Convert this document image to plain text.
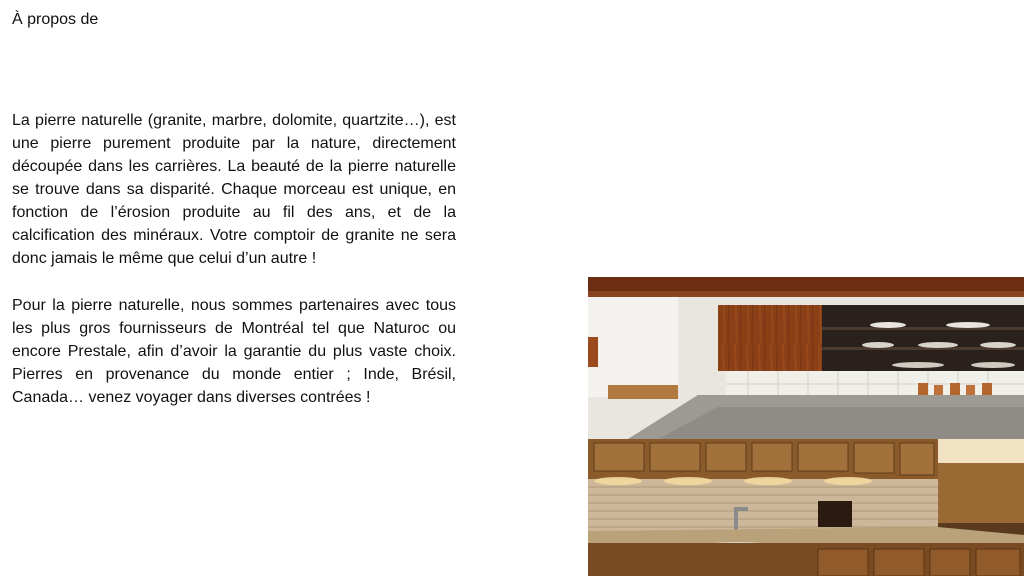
À propos de

La pierre naturelle (granite, marbre, dolomite, quartzite…), est une pierre purement produite par la nature, directement découpée dans les carrières. La beauté de la pierre naturelle se trouve dans sa disparité. Chaque morceau est unique, en fonction de l’érosion produite au fil des ans, et de la calcification des minéraux. Votre comptoir de granite ne sera donc jamais le même que celui d’un autre !

Pour la pierre naturelle, nous sommes partenaires avec tous les plus gros fournisseurs de Montréal tel que Naturoc ou encore Prestale, afin d’avoir la garantie du plus vaste choix. Pierres en provenance du monde entier ; Inde, Brésil, Canada… venez voyager dans diverses contrées !
